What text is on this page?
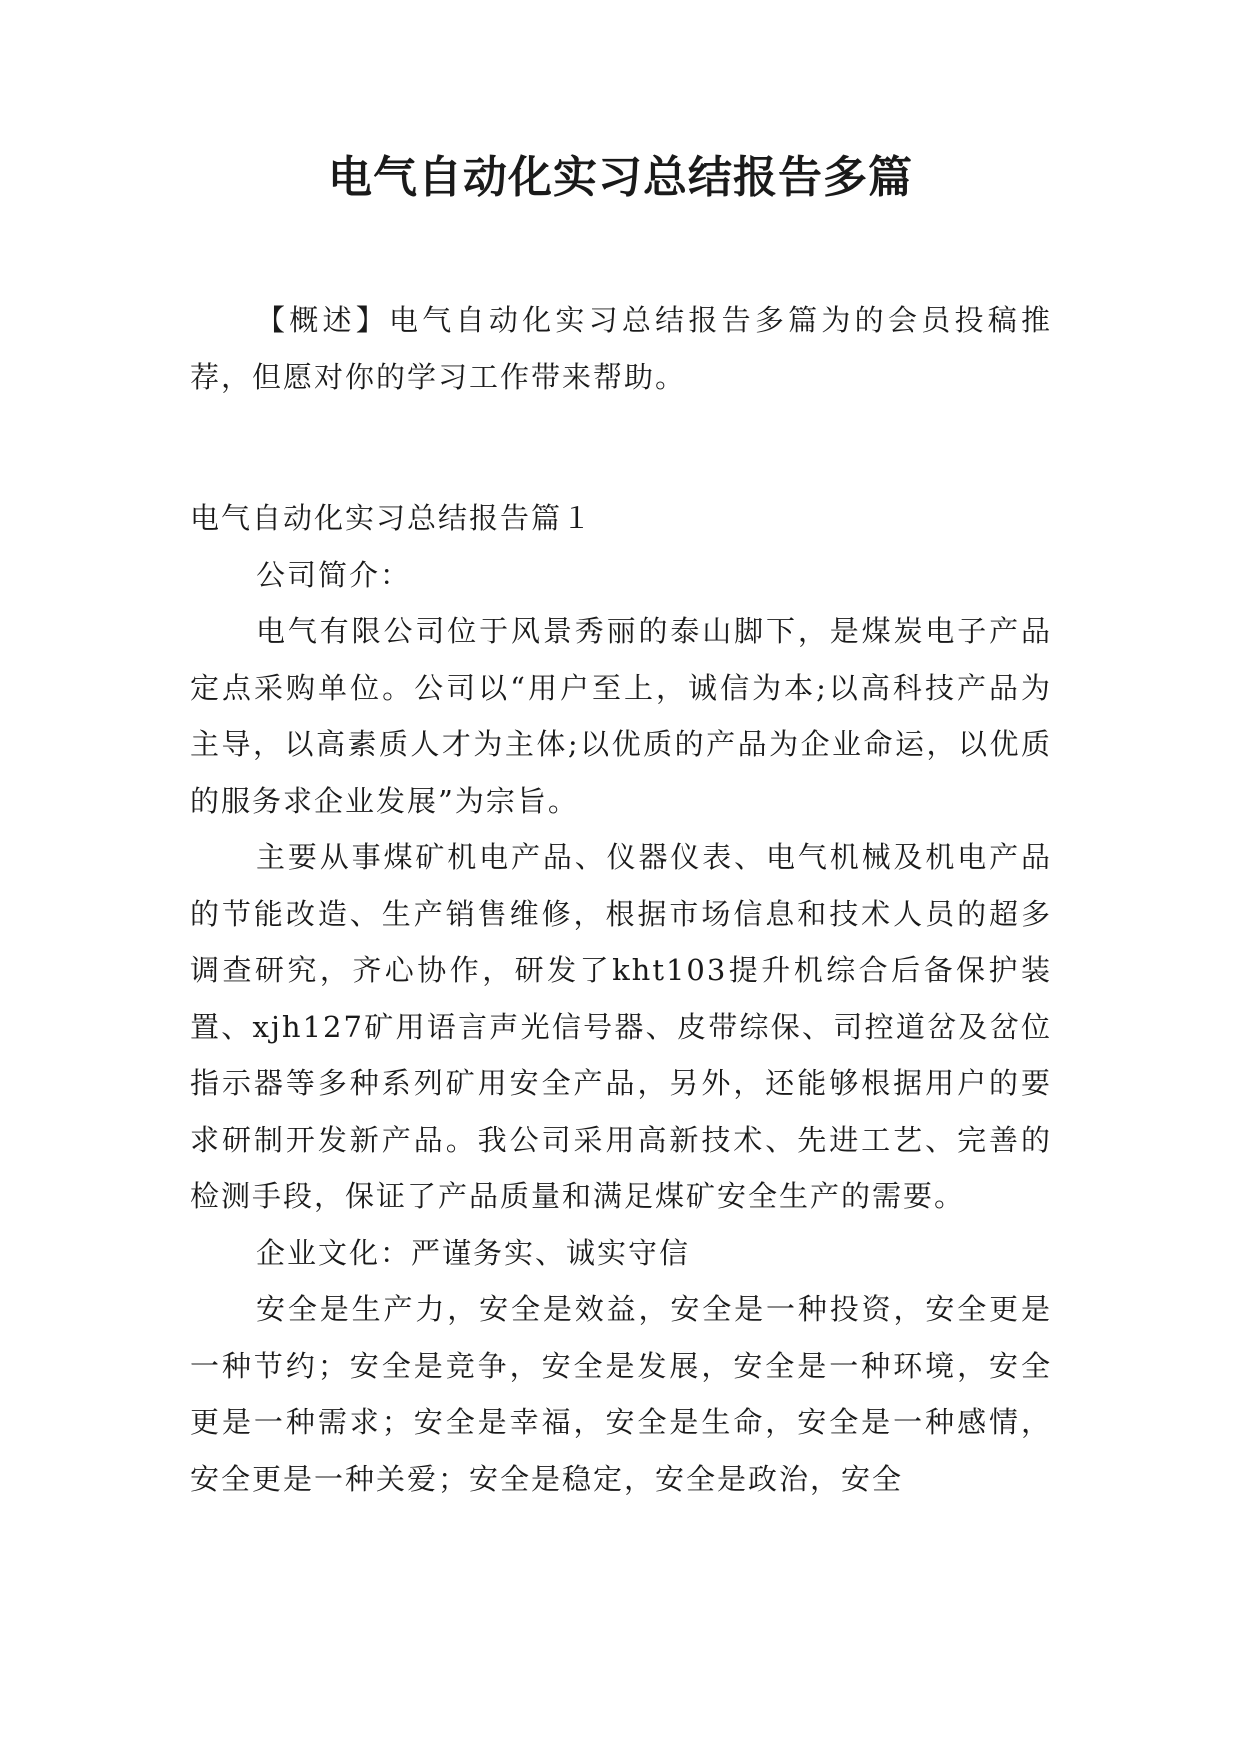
电气自动化实习总结报告多篇

【概述】电气自动化实习总结报告多篇为的会员投稿推荐，但愿对你的学习工作带来帮助。

电气自动化实习总结报告篇１

公司简介：

电气有限公司位于风景秀丽的泰山脚下，是煤炭电子产品定点采购单位。公司以“用户至上，诚信为本;以高科技产品为主导，以高素质人才为主体;以优质的产品为企业命运，以优质的服务求企业发展”为宗旨。

主要从事煤矿机电产品、仪器仪表、电气机械及机电产品的节能改造、生产销售维修，根据市场信息和技术人员的超多调查研究，齐心协作，研发了kht103提升机综合后备保护装置、xjh127矿用语言声光信号器、皮带综保、司控道岔及岔位指示器等多种系列矿用安全产品，另外，还能够根据用户的要求研制开发新产品。我公司采用高新技术、先进工艺、完善的检测手段，保证了产品质量和满足煤矿安全生产的需要。

企业文化：严谨务实、诚实守信

安全是生产力，安全是效益，安全是一种投资，安全更是一种节约；安全是竞争，安全是发展，安全是一种环境，安全更是一种需求；安全是幸福，安全是生命，安全是一种感情，安全更是一种关爱；安全是稳定，安全是政治，安全
